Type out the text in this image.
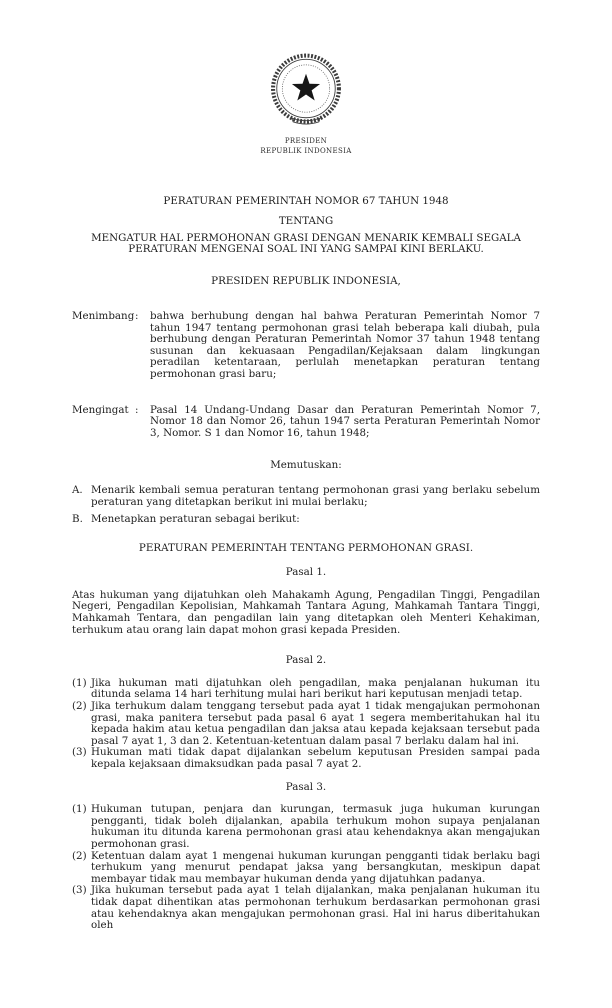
PRESIDEN
REPUBLIK INDONESIA
PERATURAN PEMERINTAH NOMOR 67 TAHUN 1948
TENTANG
MENGATUR HAL PERMOHONAN GRASI DENGAN MENARIK KEMBALI SEGALA PERATURAN MENGENAI SOAL INI YANG SAMPAI KINI BERLAKU.
PRESIDEN REPUBLIK INDONESIA,
Menimbang :	bahwa berhubung dengan hal bahwa Peraturan Pemerintah Nomor 7 tahun 1947 tentang permohonan grasi telah beberapa kali diubah, pula berhubung dengan Peraturan Pemerintah Nomor 37 tahun 1948 tentang susunan dan kekuasaan Pengadilan/Kejaksaan dalam lingkungan peradilan ketentaraan, perlulah menetapkan peraturan tentang permohonan grasi baru;

Mengingat :	Pasal 14 Undang-Undang Dasar dan Peraturan Pemerintah Nomor 7, Nomor 18 dan Nomor 26, tahun 1947 serta Peraturan Pemerintah Nomor 3, Nomor. S 1 dan Nomor 16, tahun 1948;

Memutuskan:
A. Menarik kembali semua peraturan tentang permohonan grasi yang berlaku sebelum peraturan yang ditetapkan berikut ini mulai berlaku;

B. Menetapkan peraturan sebagai berikut:

PERATURAN PEMERINTAH TENTANG PERMOHONAN GRASI.
Pasal 1.

Atas hukuman yang dijatuhkan oleh Mahakamh Agung, Pengadilan Tinggi, Pengadilan Negeri, Pengadilan Kepolisian, Mahkamah Tantara Agung, Mahkamah Tantara Tinggi, Mahkamah Tentara, dan pengadilan lain yang ditetapkan oleh Menteri Kehakiman, terhukum atau orang lain dapat mohon grasi kepada Presiden.

Pasal 2.
(1) Jika hukuman mati dijatuhkan oleh pengadilan, maka penjalanan hukuman itu ditunda selama 14 hari terhitung mulai hari berikut hari keputusan menjadi tetap.

(2) Jika terhukum dalam tenggang tersebut pada ayat 1 tidak mengajukan permohonan grasi, maka panitera tersebut pada pasal 6 ayat 1 segera memberitahukan hal itu kepada hakim atau ketua pengadilan dan jaksa atau kepada kejaksaan tersebut pada pasal 7 ayat 1, 3 dan 2. Ketentuan-ketentuan dalam pasal 7 berlaku dalam hal ini.

(3) Hukuman mati tidak dapat dijalankan sebelum keputusan Presiden sampai pada kepala kejaksaan dimaksudkan pada pasal 7 ayat 2.

Pasal 3.
(1) Hukuman tutupan, penjara dan kurungan, termasuk juga hukuman kurungan pengganti, tidak boleh dijalankan, apabila terhukum mohon supaya penjalanan hukuman itu ditunda karena permohonan grasi atau kehendaknya akan mengajukan permohonan grasi.

(2) Ketentuan dalam ayat 1 mengenai hukuman kurungan pengganti tidak berlaku bagi terhukum yang menurut pendapat jaksa yang bersangkutan, meskipun dapat membayar tidak mau membayar hukuman denda yang dijatuhkan padanya.

(3) Jika hukuman tersebut pada ayat 1 telah dijalankan, maka penjalanan hukuman itu tidak dapat dihentikan atas permohonan terhukum berdasarkan permohonan grasi atau kehendaknya akan mengajukan permohonan grasi. Hal ini harus diberitahukan oleh
